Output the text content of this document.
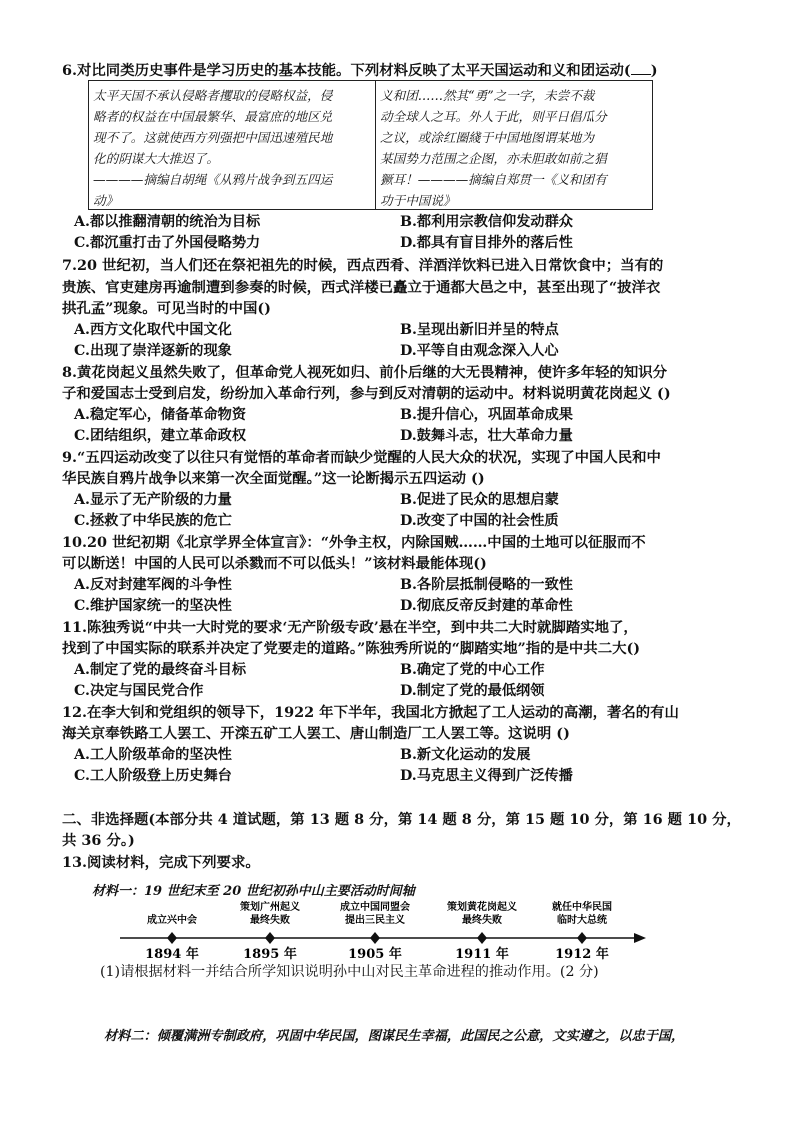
6.对比同类历史事件是学习历史的基本技能。下列材料反映了太平天国运动和义和团运动( )
太平天国不承认侵略者攫取的侵略权益，侵
略者的权益在中国最繁华、最富庶的地区兑
现不了。这就使西方列强把中国迅速殖民地
化的阴谋大大推迟了。
————摘编自胡绳《从鸦片战争到五四运
动》
义和团……然其“勇”之一字，未尝不裁
动全球人之耳。外人于此，则平日倡瓜分
之议，或涂红圈綫于中国地图谓某地为
某国势力范围之企图，亦未胆敢如前之猖
獗耳！————摘编自郑贯一《义和团有
功于中国说》
A.都以推翻清朝的统治为目标	B.都利用宗教信仰发动群众
C.都沉重打击了外国侵略势力	D.都具有盲目排外的落后性
7.20 世纪初，当人们还在祭祀祖先的时候，西点西肴、洋酒洋饮料已进入日常饮食中；当有的
贵族、官吏建房再逾制遭到参奏的时候，西式洋楼已矗立于通都大邑之中，甚至出现了“披洋衣
拱孔孟”现象。可见当时的中国()
A.西方文化取代中国文化	B.呈现出新旧并呈的特点
C.出现了崇洋逐新的现象	D.平等自由观念深入人心
8.黄花岗起义虽然失败了，但革命党人视死如归、前仆后继的大无畏精神，使许多年轻的知识分
子和爱国志士受到启发，纷纷加入革命行列，参与到反对清朝的运动中。材料说明黄花岗起义 ()
A.稳定军心，储备革命物资	B.提升信心，巩固革命成果
C.团结组织，建立革命政权	D.鼓舞斗志，壮大革命力量
9.“五四运动改变了以往只有觉悟的革命者而缺少觉醒的人民大众的状况，实现了中国人民和中
华民族自鸦片战争以来第一次全面觉醒。”这一论断揭示五四运动 ()
A.显示了无产阶级的力量	B.促进了民众的思想启蒙
C.拯救了中华民族的危亡	D.改变了中国的社会性质
10.20 世纪初期《北京学界全体宣言》：“外争主权，内除国贼……中国的土地可以征服而不
可以断送！中国的人民可以杀戮而不可以低头！”该材料最能体现()
A.反对封建军阀的斗争性	B.各阶层抵制侵略的一致性
C.维护国家统一的坚决性	D.彻底反帝反封建的革命性
11.陈独秀说“中共一大时党的要求‘无产阶级专政’悬在半空，到中共二大时就脚踏实地了，
找到了中国实际的联系并决定了党要走的道路。”陈独秀所说的“脚踏实地”指的是中共二大()
A.制定了党的最终奋斗目标	B.确定了党的中心工作
C.决定与国民党合作	D.制定了党的最低纲领
12.在李大钊和党组织的领导下，1922 年下半年，我国北方掀起了工人运动的高潮，著名的有山
海关京奉铁路工人罢工、开滦五矿工人罢工、唐山制造厂工人罢工等。这说明 ()
A.工人阶级革命的坚决性	B.新文化运动的发展
C.工人阶级登上历史舞台	D.马克思主义得到广泛传播
二、非选择题(本部分共 4 道试题，第 13 题 8 分，第 14 题 8 分，第 15 题 10 分，第 16 题 10 分，
共 36 分。)
13.阅读材料，完成下列要求。
材料一：19 世纪末至 20 世纪初孙中山主要活动时间轴
1894 年
成立兴中会
1895 年
策划广州起义
最终失败
1905 年
成立中国同盟会
提出三民主义
1911 年
策划黄花岗起义
最终失败
1912 年
就任中华民国
临时大总统
(1)请根据材料一并结合所学知识说明孙中山对民主革命进程的推动作用。(2 分)
材料二：倾覆满洲专制政府，巩固中华民国，图谋民生幸福，此国民之公意，文实遵之，以忠于国，
